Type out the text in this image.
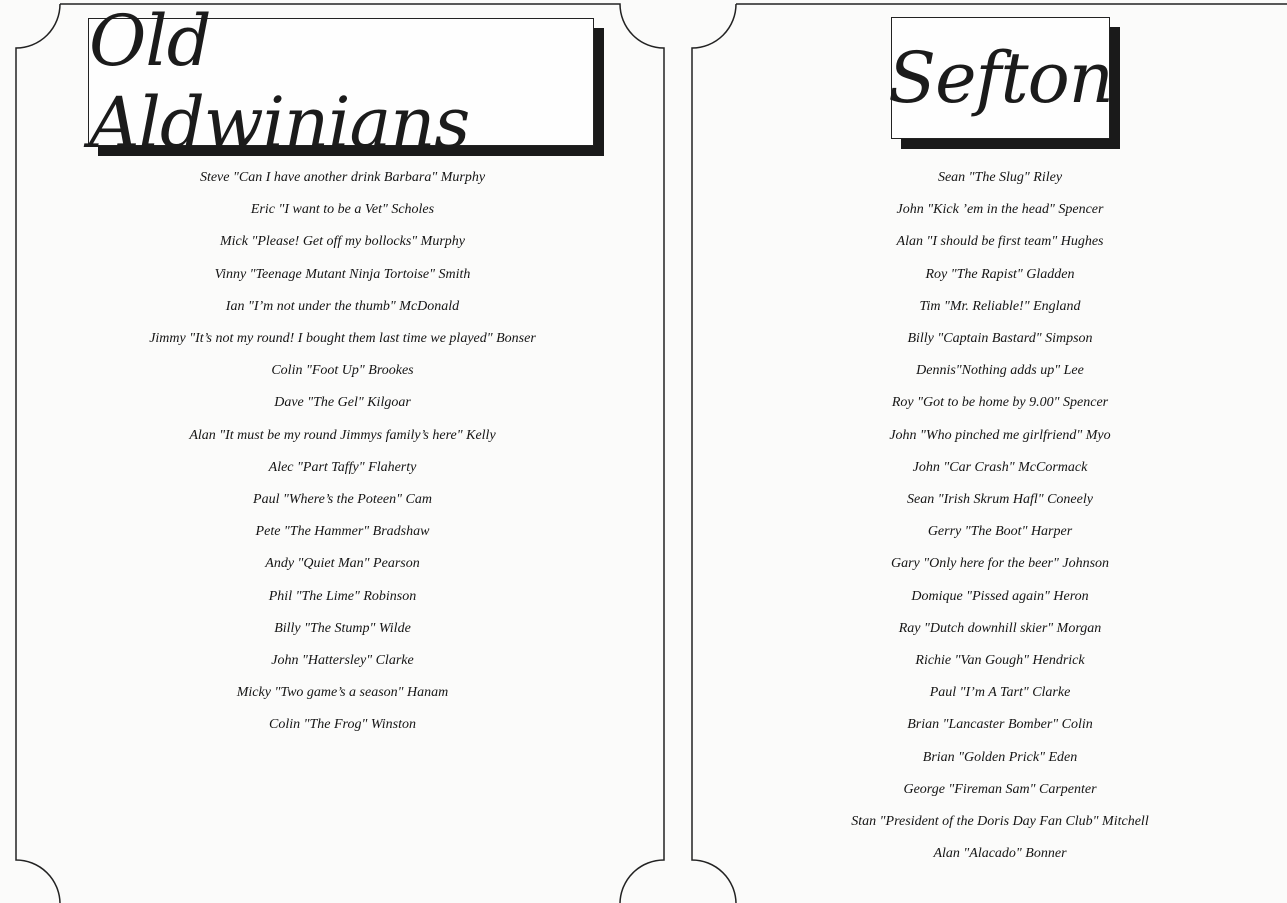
Old Aldwinians
Steve "Can I have another drink Barbara" Murphy
Eric "I want to be a Vet" Scholes
Mick "Please! Get off my bollocks" Murphy
Vinny "Teenage Mutant Ninja Tortoise" Smith
Ian "I’m not under the thumb" McDonald
Jimmy "It’s not my round! I bought them last time we played" Bonser
Colin "Foot Up" Brookes
Dave "The Gel" Kilgoar
Alan "It must be my round Jimmys family’s here" Kelly
Alec "Part Taffy" Flaherty
Paul "Where’s the Poteen" Cam
Pete "The Hammer" Bradshaw
Andy "Quiet Man" Pearson
Phil "The Lime" Robinson
Billy "The Stump" Wilde
John "Hattersley" Clarke
Micky "Two game’s a season" Hanam
Colin "The Frog" Winston
Sefton
Sean "The Slug" Riley
John "Kick ’em in the head" Spencer
Alan "I should be first team" Hughes
Roy "The Rapist" Gladden
Tim "Mr. Reliable!" England
Billy "Captain Bastard" Simpson
Dennis"Nothing adds up" Lee
Roy "Got to be home by 9.00" Spencer
John "Who pinched me girlfriend" Myo
John "Car Crash" McCormack
Sean "Irish Skrum Hafl" Coneely
Gerry "The Boot" Harper
Gary "Only here for the beer" Johnson
Domique "Pissed again" Heron
Ray "Dutch downhill skier" Morgan
Richie "Van Gough" Hendrick
Paul "I’m A Tart" Clarke
Brian "Lancaster Bomber" Colin
Brian "Golden Prick" Eden
George "Fireman Sam" Carpenter
Stan "President of the Doris Day Fan Club" Mitchell
Alan "Alacado" Bonner
